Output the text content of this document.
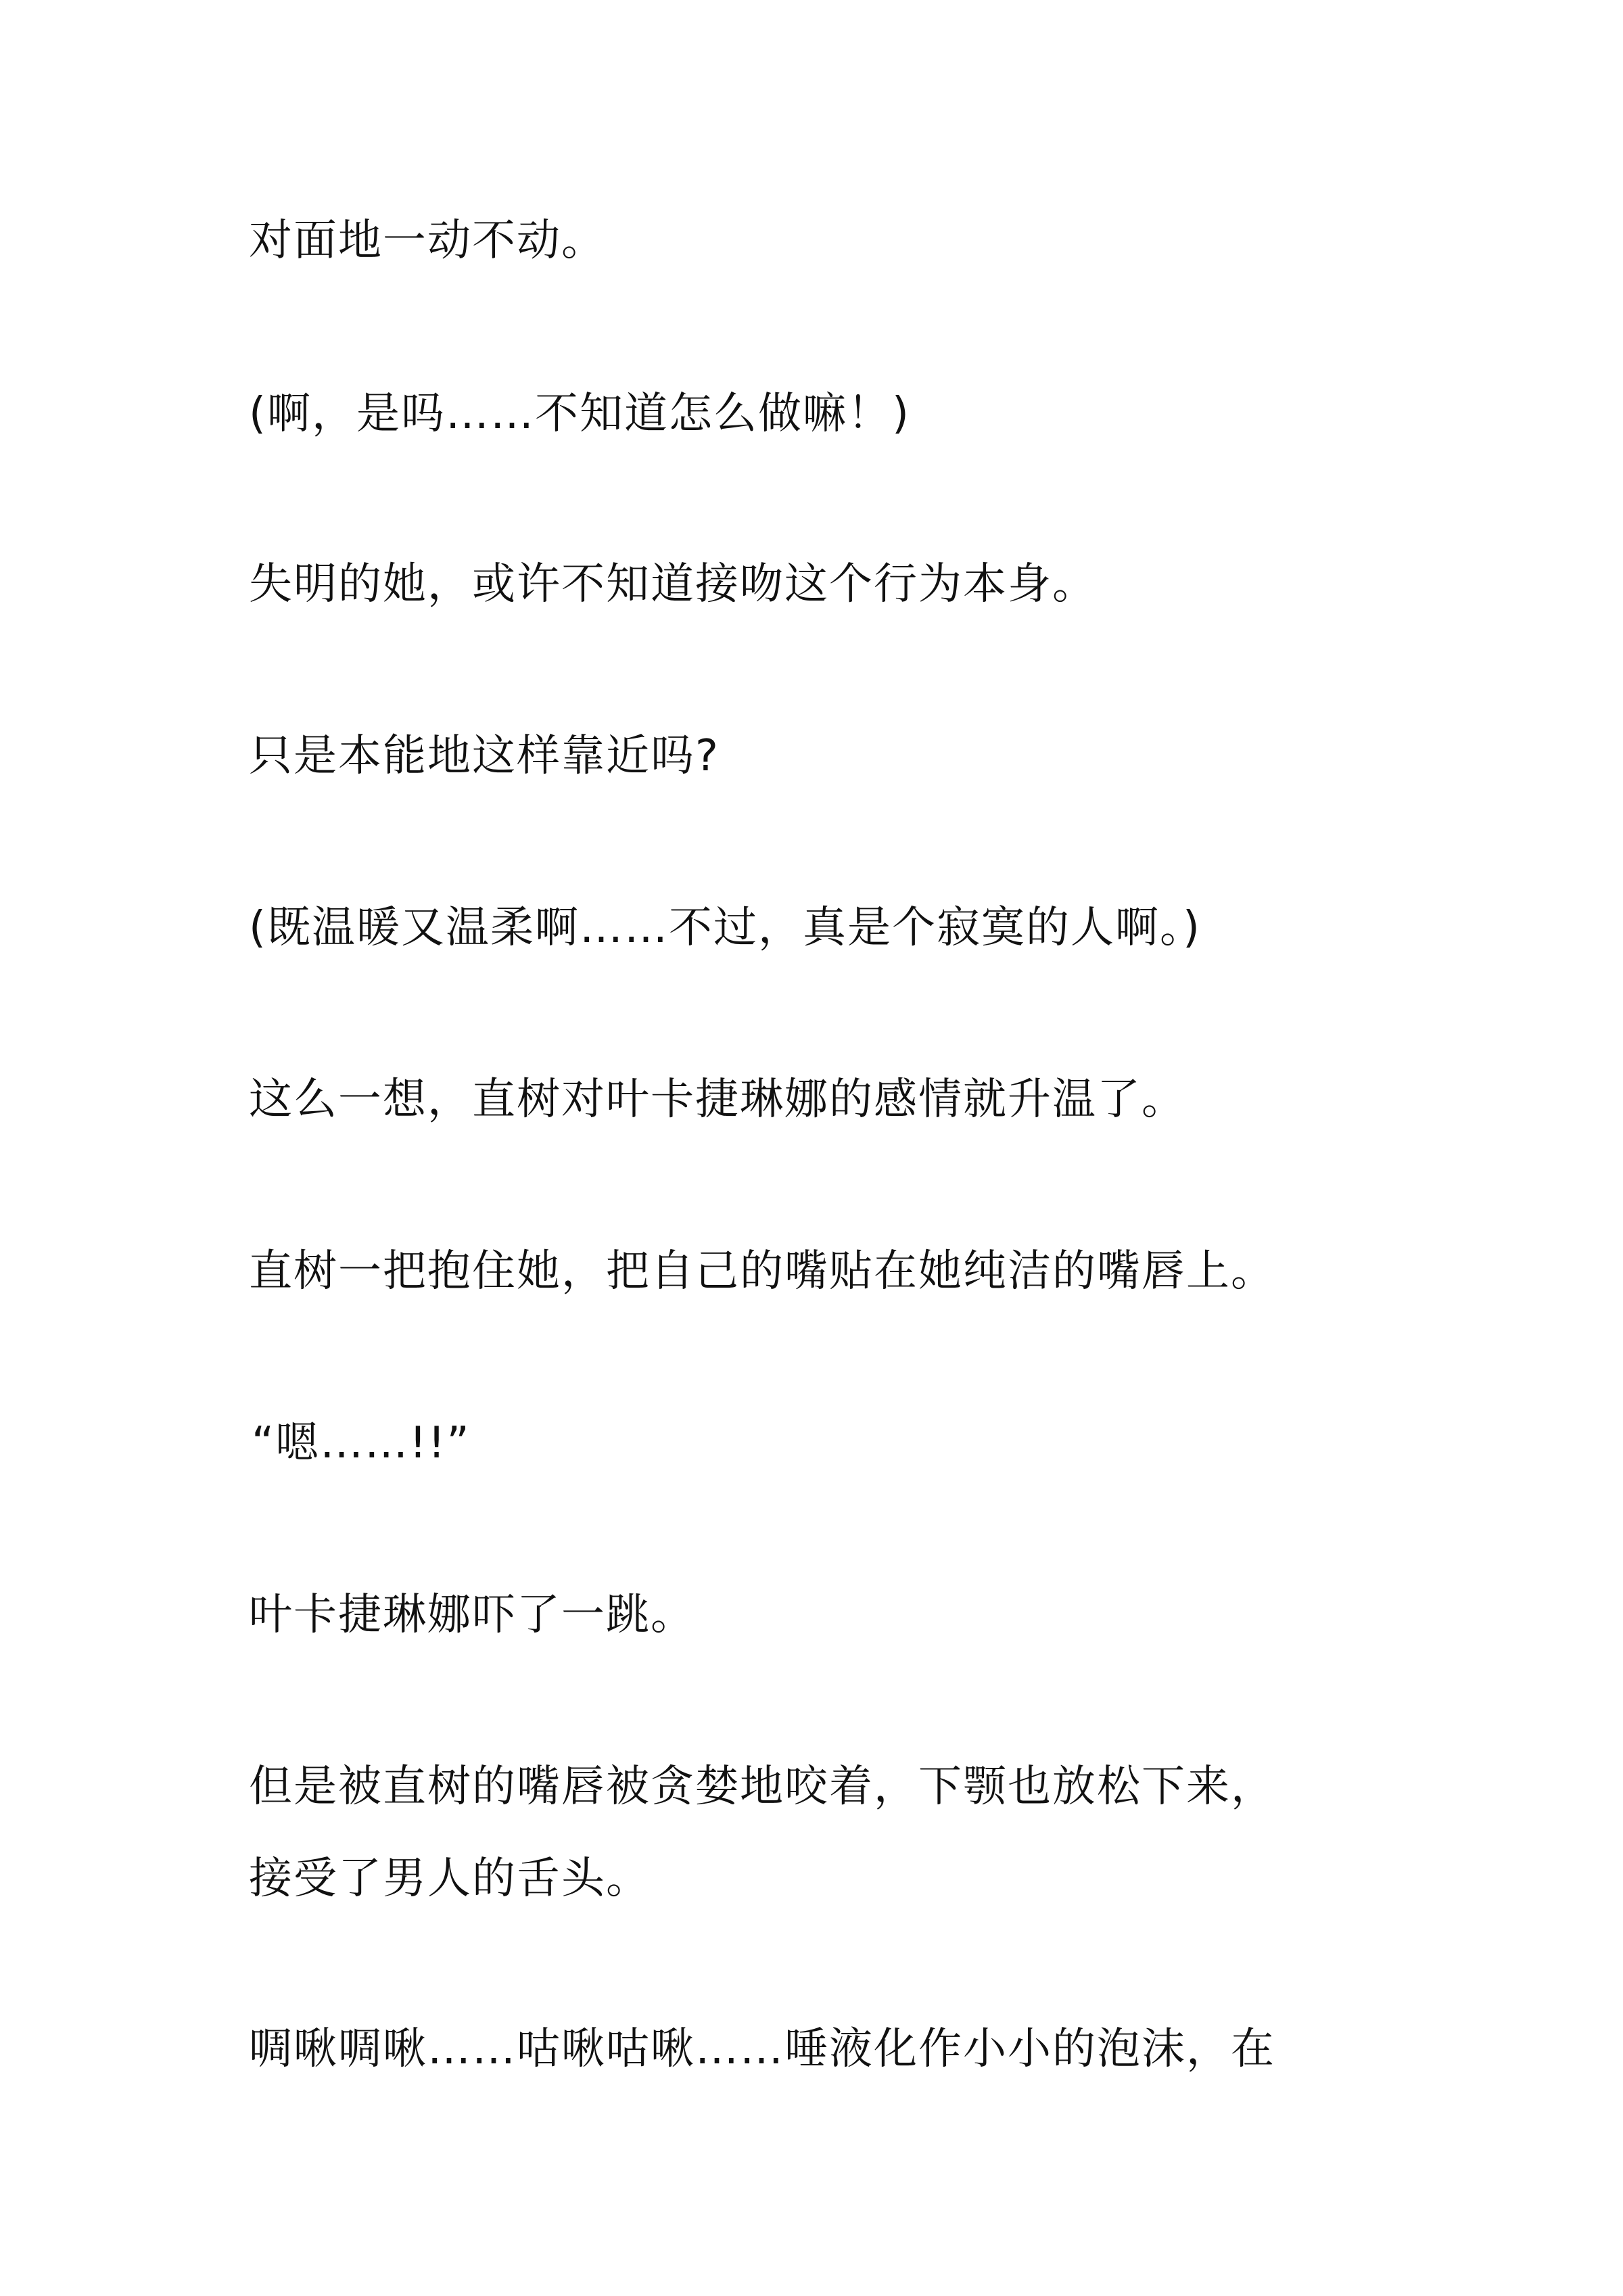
对面地一动不动。

(啊，是吗……不知道怎么做嘛！)

失明的她，或许不知道接吻这个行为本身。

只是本能地这样靠近吗?

(既温暖又温柔啊……不过，真是个寂寞的人啊。)

这么一想，直树对叶卡捷琳娜的感情就升温了。

直树一把抱住她，把自己的嘴贴在她纯洁的嘴唇上。

“嗯……!!”

叶卡捷琳娜吓了一跳。

但是被直树的嘴唇被贪婪地咬着，下颚也放松下来，

接受了男人的舌头。

啁啾啁啾……咕啾咕啾……唾液化作小小的泡沫，在
